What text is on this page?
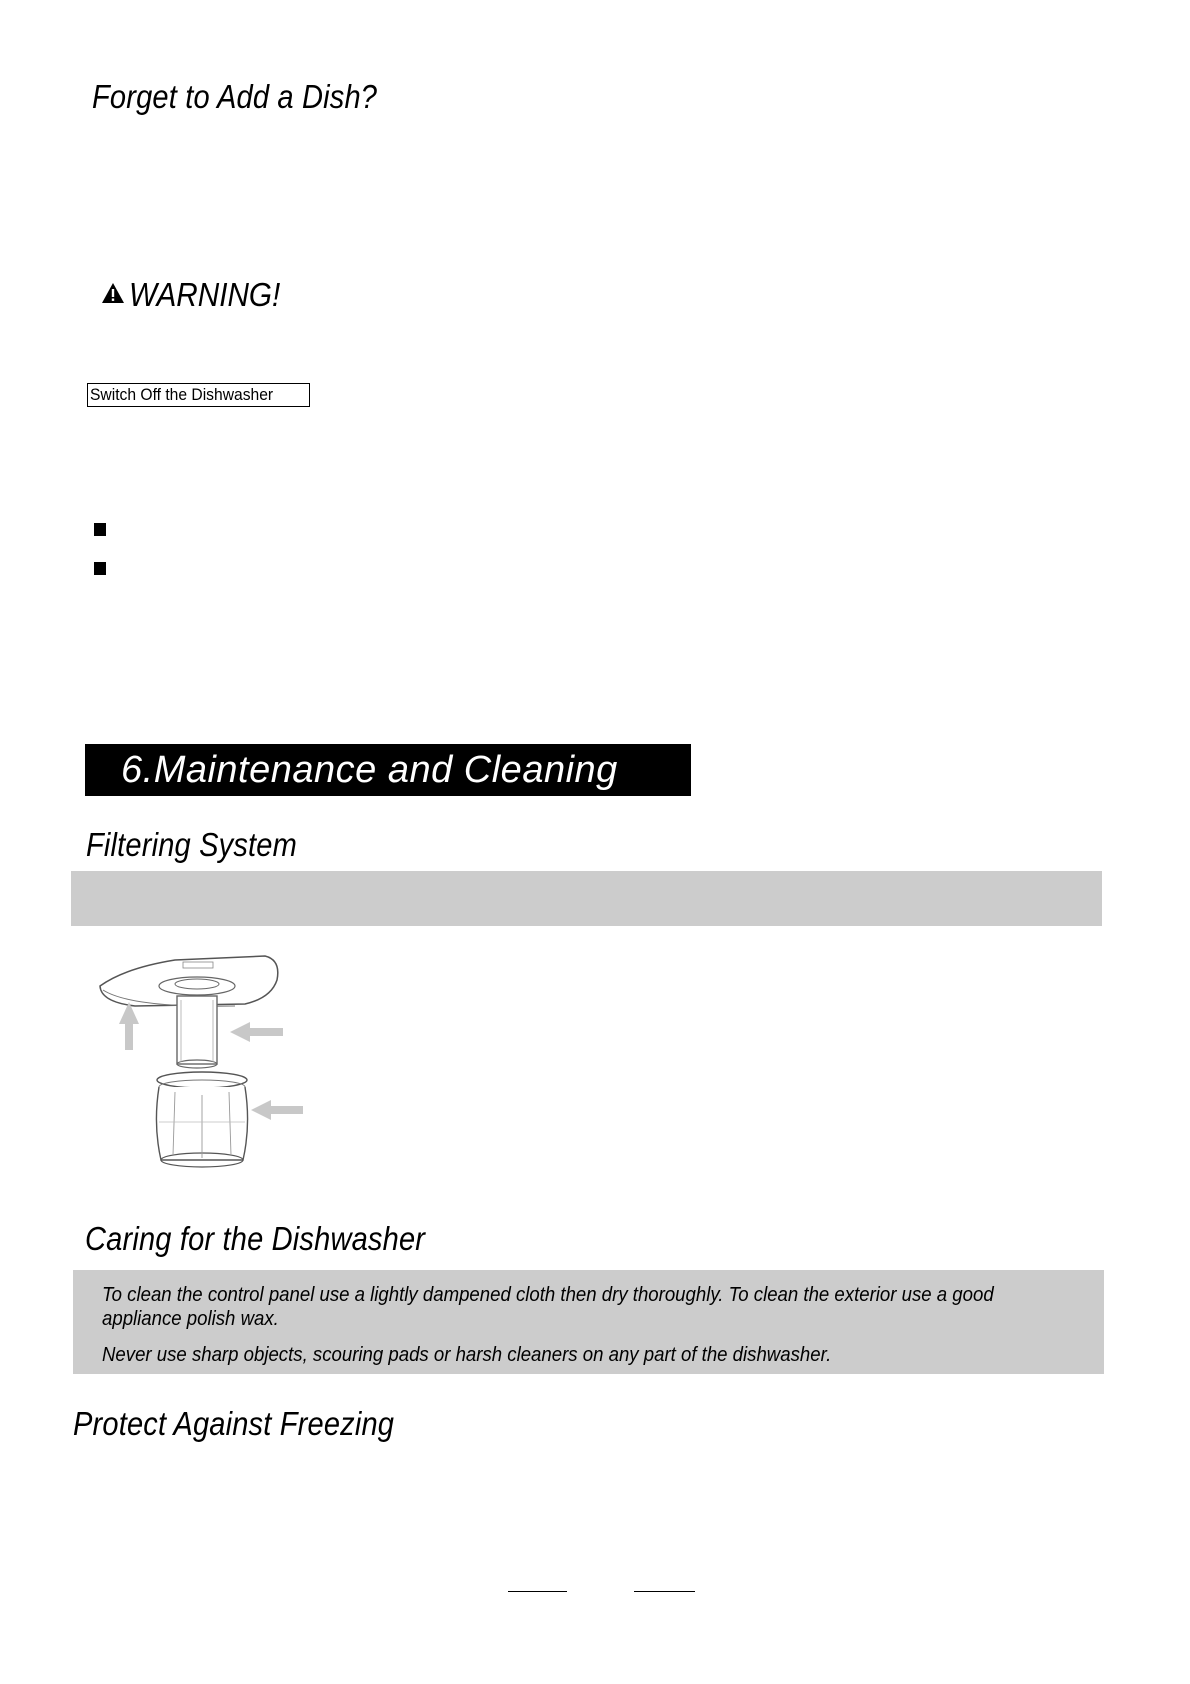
Forget to Add a Dish?
WARNING!
Switch Off the Dishwasher
6.Maintenance and Cleaning
Filtering System
Caring for the Dishwasher
To clean the control panel use a lightly dampened cloth then dry thoroughly. To clean the exterior use a good
appliance polish wax.
Never use sharp objects, scouring pads or harsh cleaners on any part of the dishwasher.
Protect Against Freezing
